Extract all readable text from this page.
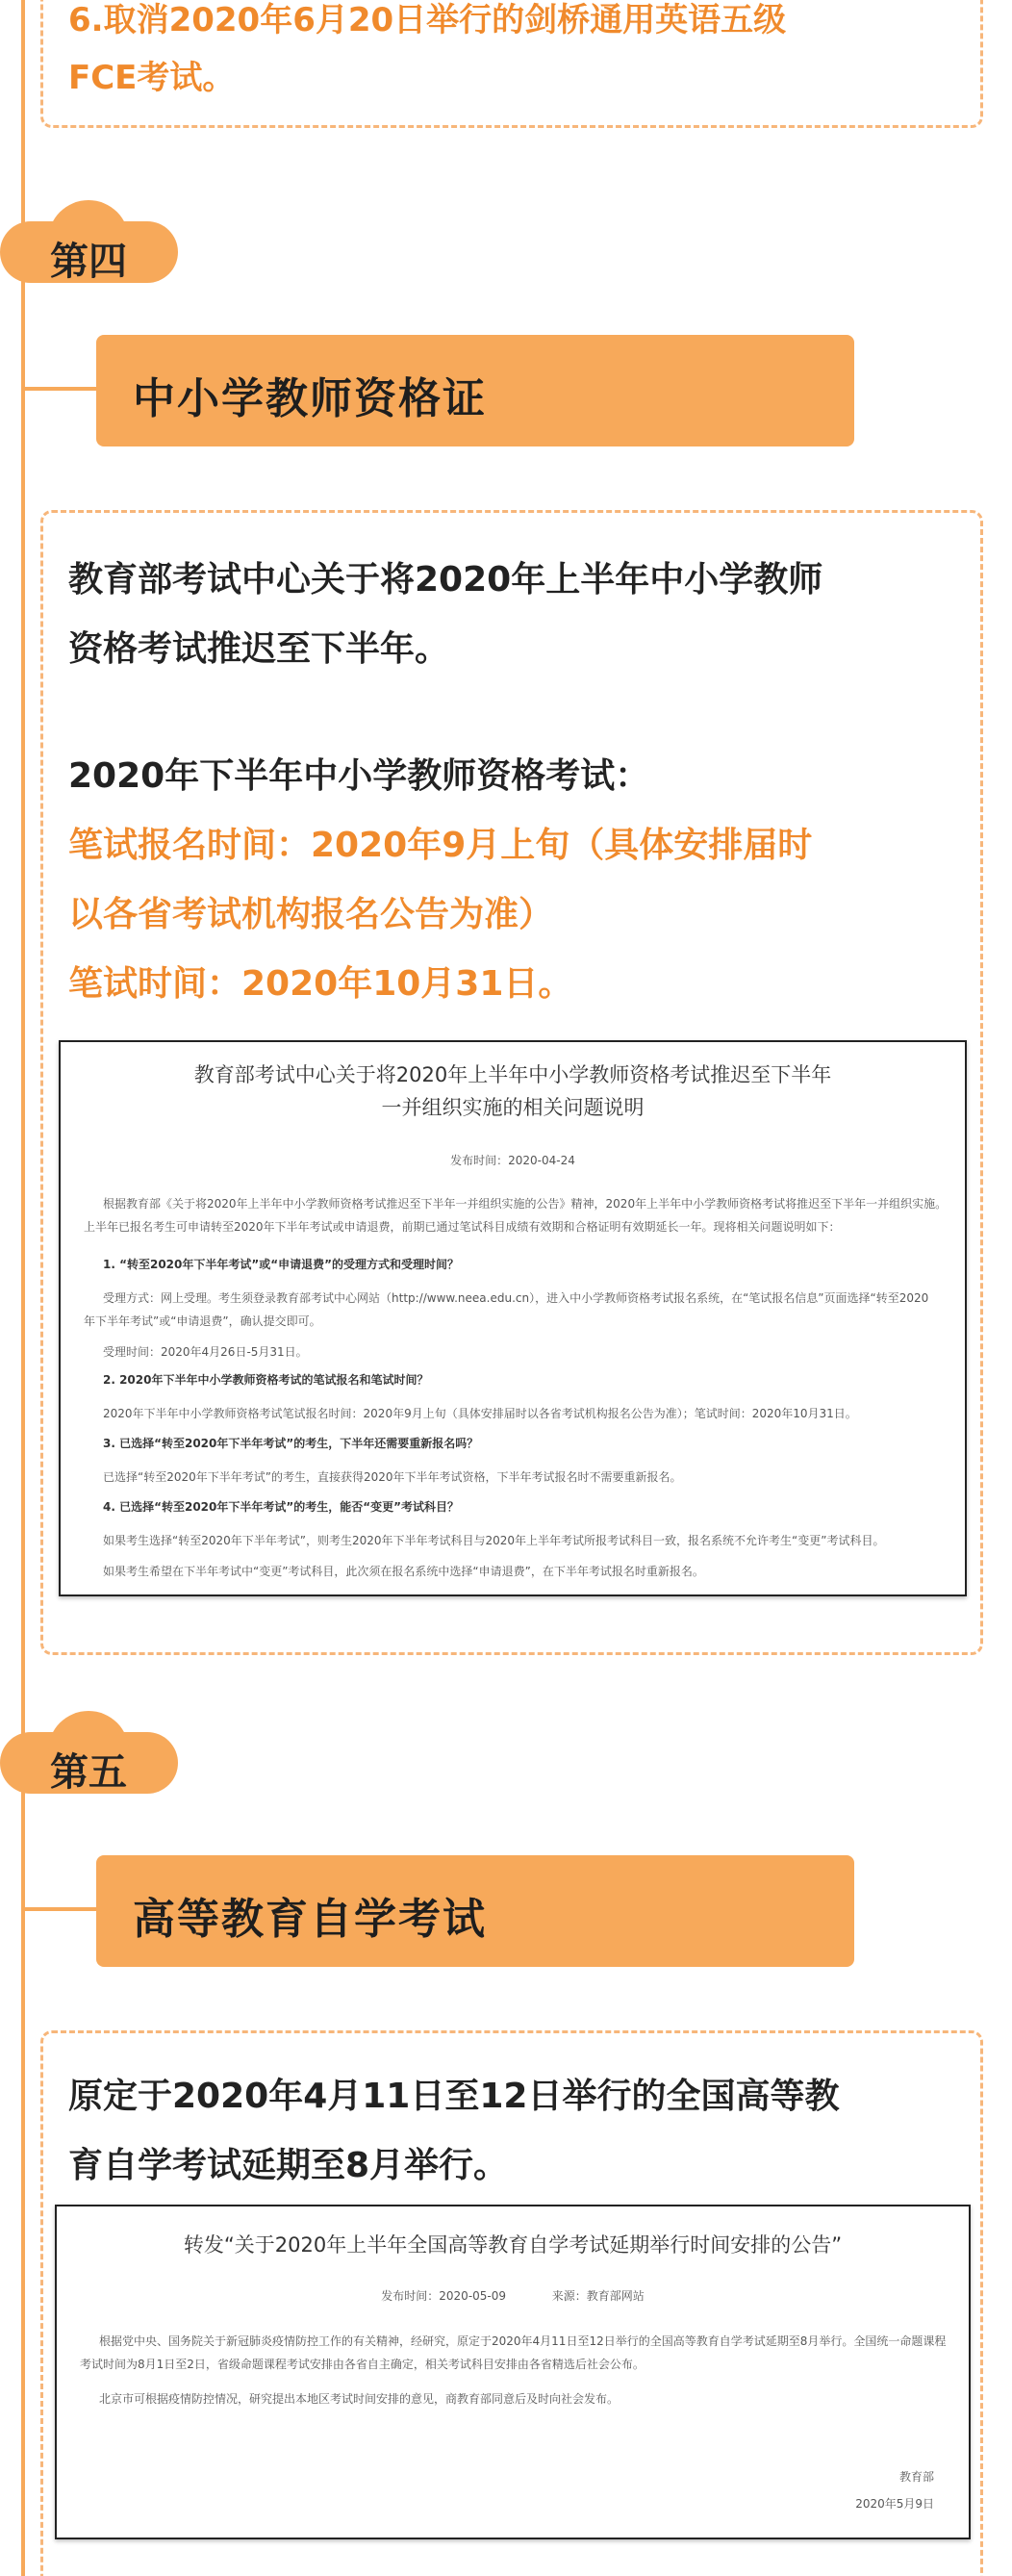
6.取消2020年6月20日举行的剑桥通用英语五级
FCE考试。
第四
中小学教师资格证
教育部考试中心关于将2020年上半年中小学教师
资格考试推迟至下半年。
2020年下半年中小学教师资格考试：
笔试报名时间：2020年9月上旬（具体安排届时
以各省考试机构报名公告为准）
笔试时间：2020年10月31日。
教育部考试中心关于将2020年上半年中小学教师资格考试推迟至下半年
一并组织实施的相关问题说明
发布时间：2020-04-24
根据教育部《关于将2020年上半年中小学教师资格考试推迟至下半年一并组织实施的公告》精神，2020年上半年中小学教师资格考试将推迟至下半年一并组织实施。
上半年已报名考生可申请转至2020年下半年考试或申请退费，前期已通过笔试科目成绩有效期和合格证明有效期延长一年。现将相关问题说明如下：
1. “转至2020年下半年考试”或“申请退费”的受理方式和受理时间？
受理方式：网上受理。考生须登录教育部考试中心网站（http://www.neea.edu.cn），进入中小学教师资格考试报名系统，在“笔试报名信息”页面选择“转至2020
年下半年考试”或“申请退费”，确认提交即可。
受理时间：2020年4月26日-5月31日。
2. 2020年下半年中小学教师资格考试的笔试报名和笔试时间？
2020年下半年中小学教师资格考试笔试报名时间：2020年9月上旬（具体安排届时以各省考试机构报名公告为准）；笔试时间：2020年10月31日。
3. 已选择“转至2020年下半年考试”的考生，下半年还需要重新报名吗？
已选择“转至2020年下半年考试”的考生，直接获得2020年下半年考试资格，下半年考试报名时不需要重新报名。
4. 已选择“转至2020年下半年考试”的考生，能否“变更”考试科目？
如果考生选择“转至2020年下半年考试”，则考生2020年下半年考试科目与2020年上半年考试所报考试科目一致，报名系统不允许考生“变更”考试科目。
如果考生希望在下半年考试中“变更”考试科目，此次须在报名系统中选择“申请退费”，在下半年考试报名时重新报名。
第五
高等教育自学考试
原定于2020年4月11日至12日举行的全国高等教
育自学考试延期至8月举行。
转发“关于2020年上半年全国高等教育自学考试延期举行时间安排的公告”
发布时间：2020-05-09	来源：教育部网站
根据党中央、国务院关于新冠肺炎疫情防控工作的有关精神，经研究，原定于2020年4月11日至12日举行的全国高等教育自学考试延期至8月举行。全国统一命题课程
考试时间为8月1日至2日，省级命题课程考试安排由各省自主确定，相关考试科目安排由各省精选后社会公布。
北京市可根据疫情防控情况，研究提出本地区考试时间安排的意见，商教育部同意后及时向社会发布。
教育部
2020年5月9日
